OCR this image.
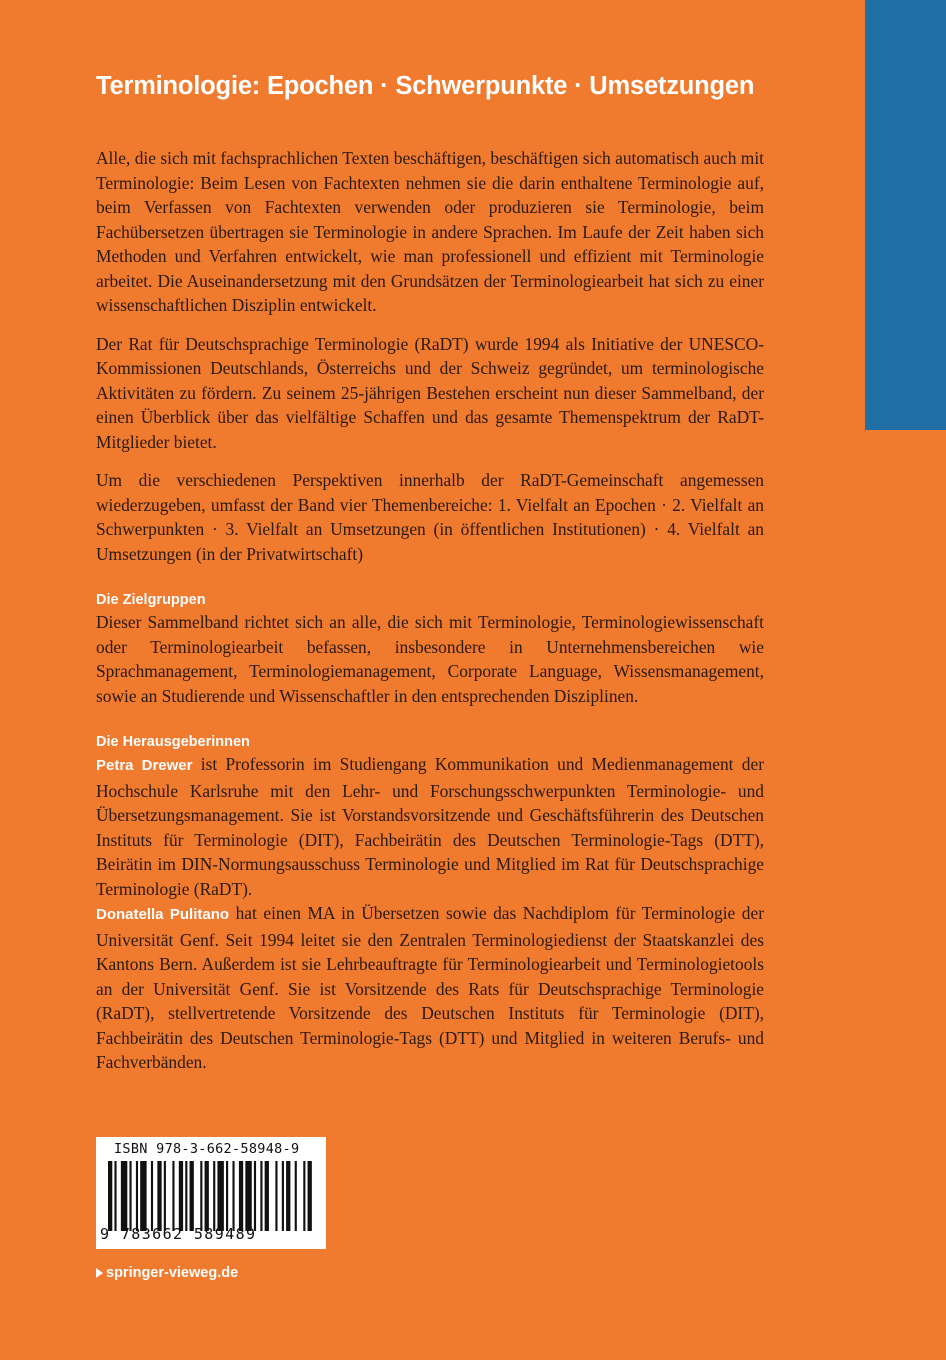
Terminologie: Epochen · Schwerpunkte · Umsetzungen

Alle, die sich mit fachsprachlichen Texten beschäftigen, beschäftigen sich automatisch auch mit Terminologie: Beim Lesen von Fachtexten nehmen sie die darin enthaltene Terminologie auf, beim Verfassen von Fachtexten verwenden oder produzieren sie Terminologie, beim Fachübersetzen übertragen sie Terminologie in andere Sprachen. Im Laufe der Zeit haben sich Methoden und Verfahren entwickelt, wie man professionell und effizient mit Terminologie arbeitet. Die Auseinandersetzung mit den Grundsätzen der Terminologiearbeit hat sich zu einer wissenschaftlichen Disziplin entwickelt.

Der Rat für Deutschsprachige Terminologie (RaDT) wurde 1994 als Initiative der UNESCO-Kommissionen Deutschlands, Österreichs und der Schweiz gegründet, um terminologische Aktivitäten zu fördern. Zu seinem 25-jährigen Bestehen erscheint nun dieser Sammelband, der einen Überblick über das vielfältige Schaffen und das gesamte Themenspektrum der RaDT-Mitglieder bietet.

Um die verschiedenen Perspektiven innerhalb der RaDT-Gemeinschaft angemessen wiederzugeben, umfasst der Band vier Themenbereiche: 1. Vielfalt an Epochen · 2. Vielfalt an Schwerpunkten · 3. Vielfalt an Umsetzungen (in öffentlichen Institutionen) · 4. Vielfalt an Umsetzungen (in der Privatwirtschaft)

Die Zielgruppen

Dieser Sammelband richtet sich an alle, die sich mit Terminologie, Terminologiewissenschaft oder Terminologiearbeit befassen, insbesondere in Unternehmensbereichen wie Sprachmanagement, Terminologiemanagement, Corporate Language, Wissensmanagement, sowie an Studierende und Wissenschaftler in den entsprechenden Disziplinen.

Die Herausgeberinnen

Petra Drewer ist Professorin im Studiengang Kommunikation und Medienmanagement der Hochschule Karlsruhe mit den Lehr- und Forschungsschwerpunkten Terminologie- und Übersetzungsmanagement. Sie ist Vorstandsvorsitzende und Geschäftsführerin des Deutschen Instituts für Terminologie (DIT), Fachbeirätin des Deutschen Terminologie-Tags (DTT), Beirätin im DIN-Normungsausschuss Terminologie und Mitglied im Rat für Deutschsprachige Terminologie (RaDT).

Donatella Pulitano hat einen MA in Übersetzen sowie das Nachdiplom für Terminologie der Universität Genf. Seit 1994 leitet sie den Zentralen Terminologiedienst der Staatskanzlei des Kantons Bern. Außerdem ist sie Lehrbeauftragte für Terminologiearbeit und Terminologietools an der Universität Genf. Sie ist Vorsitzende des Rats für Deutschsprachige Terminologie (RaDT), stellvertretende Vorsitzende des Deutschen Instituts für Terminologie (DIT), Fachbeirätin des Deutschen Terminologie-Tags (DTT) und Mitglied in weiteren Berufs- und Fachverbänden.

ISBN 978-3-662-58948-9
9 783662 589489
springer-vieweg.de
